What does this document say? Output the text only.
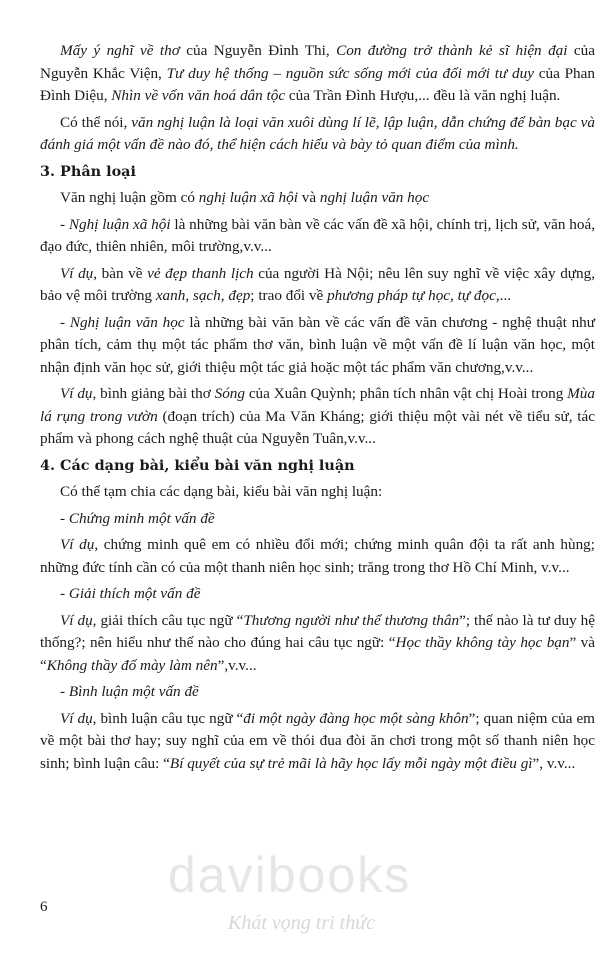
Mấy ý nghĩ về thơ của Nguyễn Đình Thi, Con đường trở thành kẻ sĩ hiện đại của Nguyễn Khắc Viện, Tư duy hệ thống – nguồn sức sống mới của đổi mới tư duy của Phan Đình Diệu, Nhìn về vốn văn hoá dân tộc của Trần Đình Hượu,... đều là văn nghị luận.

Có thể nói, văn nghị luận là loại văn xuôi dùng lí lẽ, lập luận, dẫn chứng để bàn bạc và đánh giá một vấn đề nào đó, thể hiện cách hiểu và bày tỏ quan điểm của mình.

3. Phân loại

Văn nghị luận gồm có nghị luận xã hội và nghị luận văn học

- Nghị luận xã hội là những bài văn bàn về các vấn đề xã hội, chính trị, lịch sử, văn hoá, đạo đức, thiên nhiên, môi trường,v.v...

Ví dụ, bàn về vẻ đẹp thanh lịch của người Hà Nội; nêu lên suy nghĩ về việc xây dựng, bảo vệ môi trường xanh, sạch, đẹp; trao đổi về phương pháp tự học, tự đọc,...

- Nghị luận văn học là những bài văn bàn về các vấn đề văn chương - nghệ thuật như phân tích, cảm thụ một tác phẩm thơ văn, bình luận về một vấn đề lí luận văn học, một nhận định văn học sử, giới thiệu một tác giả hoặc một tác phẩm văn chương,v.v...

Ví dụ, bình giảng bài thơ Sóng của Xuân Quỳnh; phân tích nhân vật chị Hoài trong Mùa lá rụng trong vườn (đoạn trích) của Ma Văn Kháng; giới thiệu một vài nét về tiểu sử, tác phẩm và phong cách nghệ thuật của Nguyễn Tuân,v.v...

4. Các dạng bài, kiểu bài văn nghị luận

Có thể tạm chia các dạng bài, kiểu bài văn nghị luận:

- Chứng minh một vấn đề

Ví dụ, chứng minh quê em có nhiều đổi mới; chứng minh quân đội ta rất anh hùng; những đức tính cần có của một thanh niên học sinh; trăng trong thơ Hồ Chí Minh, v.v...

- Giải thích một vấn đề

Ví dụ, giải thích câu tục ngữ “Thương người như thể thương thân”; thế nào là tư duy hệ thống?; nên hiểu như thế nào cho đúng hai câu tục ngữ: “Học thầy không tày học bạn” và “Không thầy đố mày làm nên”,v.v...

- Bình luận một vấn đề

Ví dụ, bình luận câu tục ngữ “đi một ngày đàng học một sàng khôn”; quan niệm của em về một bài thơ hay; suy nghĩ của em về thói đua đòi ăn chơi trong một số thanh niên học sinh; bình luận câu: “Bí quyết của sự trẻ mãi là hãy học lấy mỗi ngày một điều gì”, v.v...

davibooks
Khát vọng tri thức
6
